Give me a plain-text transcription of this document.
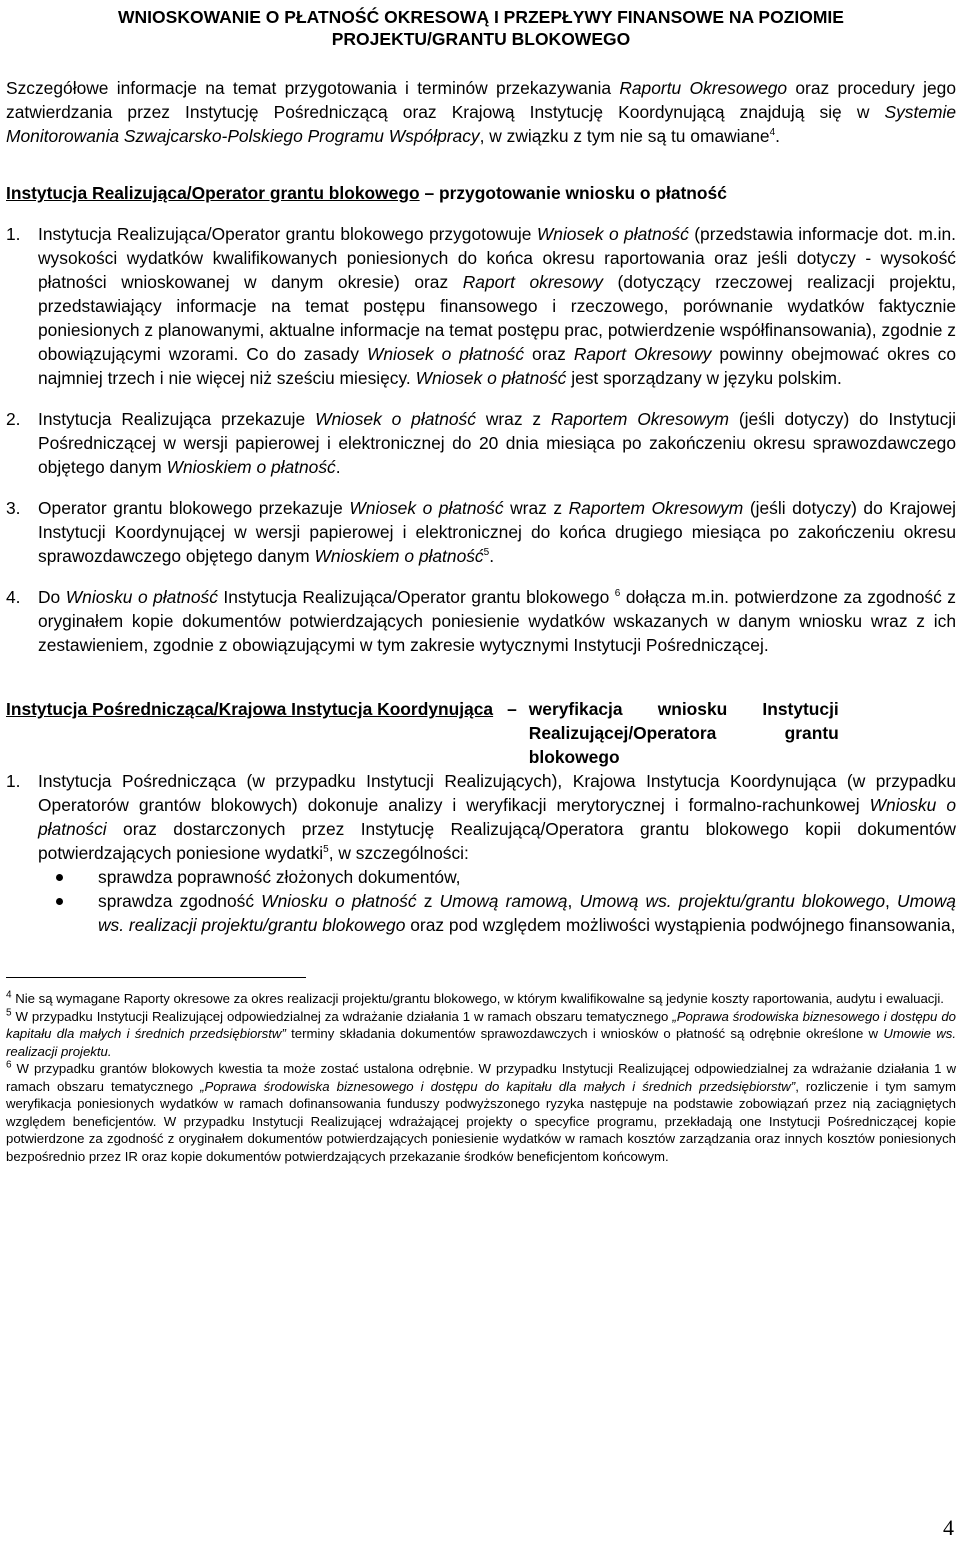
WNIOSKOWANIE O PŁATNOŚĆ OKRESOWĄ I PRZEPŁYWY FINANSOWE NA POZIOMIE

PROJEKTU/GRANTU BLOKOWEGO

Szczegółowe informacje na temat przygotowania i terminów przekazywania Raportu Okresowego oraz procedury jego zatwierdzania przez Instytucję Pośredniczącą oraz Krajową Instytucję Koordynującą znajdują się w Systemie Monitorowania Szwajcarsko-Polskiego Programu Współpracy, w związku z tym nie są tu omawiane$^4$.

Instytucja Realizująca/Operator grantu blokowego – przygotowanie wniosku o płatność

1. Instytucja Realizująca/Operator grantu blokowego przygotowuje Wniosek o płatność (przedstawia informacje dot. m.in. wysokości wydatków kwalifikowanych poniesionych do końca okresu raportowania oraz jeśli dotyczy - wysokość płatności wnioskowanej w danym okresie) oraz Raport okresowy (dotyczący rzeczowej realizacji projektu, przedstawiający informacje na temat postępu finansowego i rzeczowego, porównanie wydatków faktycznie poniesionych z planowanymi, aktualne informacje na temat postępu prac, potwierdzenie współfinansowania), zgodnie z obowiązującymi wzorami. Co do zasady Wniosek o płatność oraz Raport Okresowy powinny obejmować okres co najmniej trzech i nie więcej niż sześciu miesięcy. Wniosek o płatność jest sporządzany w języku polskim.
2. Instytucja Realizująca przekazuje Wniosek o płatność wraz z Raportem Okresowym (jeśli dotyczy) do Instytucji Pośredniczącej w wersji papierowej i elektronicznej do 20 dnia miesiąca po zakończeniu okresu sprawozdawczego objętego danym Wnioskiem o płatność.
3. Operator grantu blokowego przekazuje Wniosek o płatność wraz z Raportem Okresowym (jeśli dotyczy) do Krajowej Instytucji Koordynującej w wersji papierowej i elektronicznej do końca drugiego miesiąca po zakończeniu okresu sprawozdawczego objętego danym Wnioskiem o płatność$^5$.
4. Do Wniosku o płatność Instytucja Realizująca/Operator grantu blokowego $^6$ dołącza m.in. potwierdzone za zgodność z oryginałem kopie dokumentów potwierdzających poniesienie wydatków wskazanych w danym wniosku wraz z ich zestawieniem, zgodnie z obowiązującymi w tym zakresie wytycznymi Instytucji Pośredniczącej.
Instytucja Pośrednicząca/Krajowa Instytucja Koordynująca – weryfikacja wniosku Instytucji Realizującej/Operatora grantu blokowego
1. Instytucja Pośrednicząca (w przypadku Instytucji Realizujących), Krajowa Instytucja Koordynująca (w przypadku Operatorów grantów blokowych) dokonuje analizy i weryfikacji merytorycznej i formalno-rachunkowej Wniosku o płatności oraz dostarczonych przez Instytucję Realizującą/Operatora grantu blokowego kopii dokumentów potwierdzających poniesione wydatki$^5$, w szczególności:
sprawdza poprawność złożonych dokumentów,
sprawdza zgodność Wniosku o płatność z Umową ramową, Umową ws. projektu/grantu blokowego, Umową ws. realizacji projektu/grantu blokowego oraz pod względem możliwości wystąpienia podwójnego finansowania,

$^4$ Nie są wymagane Raporty okresowe za okres realizacji projektu/grantu blokowego, w którym kwalifikowalne są jedynie koszty raportowania, audytu i ewaluacji.

$^5$ W przypadku Instytucji Realizującej odpowiedzialnej za wdrażanie działania 1 w ramach obszaru tematycznego „Poprawa środowiska biznesowego i dostępu do kapitału dla małych i średnich przedsiębiorstw” terminy składania dokumentów sprawozdawczych i wniosków o płatność są odrębnie określone w Umowie ws. realizacji projektu.

$^6$ W przypadku grantów blokowych kwestia ta może zostać ustalona odrębnie. W przypadku Instytucji Realizującej odpowiedzialnej za wdrażanie działania 1 w ramach obszaru tematycznego „Poprawa środowiska biznesowego i dostępu do kapitału dla małych i średnich przedsiębiorstw”, rozliczenie i tym samym weryfikacja poniesionych wydatków w ramach dofinansowania funduszy podwyższonego ryzyka następuje na podstawie zobowiązań przez nią zaciągniętych względem beneficjentów. W przypadku Instytucji Realizującej wdrażającej projekty o specyfice programu, przekładają one Instytucji Pośredniczącej kopie potwierdzone za zgodność z oryginałem dokumentów potwierdzających poniesienie wydatków w ramach kosztów zarządzania oraz innych kosztów poniesionych bezpośrednio przez IR oraz kopie dokumentów potwierdzających przekazanie środków beneficjentom końcowym.

4
